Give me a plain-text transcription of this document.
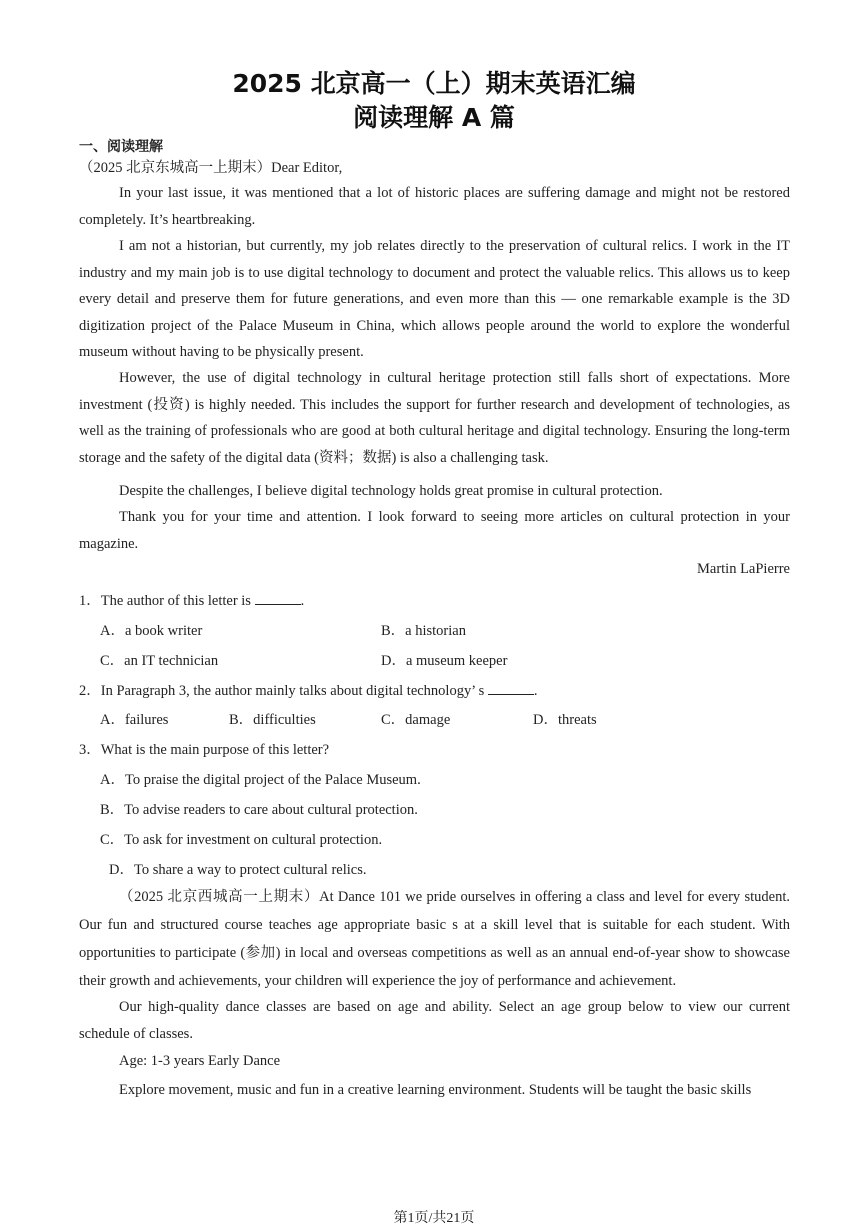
2025 北京高一（上）期末英语汇编
阅读理解 A 篇
一、阅读理解
（2025 北京东城高一上期末）Dear Editor,
In your last issue, it was mentioned that a lot of historic places are suffering damage and might not be restored completely. It’s heartbreaking.
I am not a historian, but currently, my job relates directly to the preservation of cultural relics. I work in the IT industry and my main job is to use digital technology to document and protect the valuable relics. This allows us to keep every detail and preserve them for future generations, and even more than this — one remarkable example is the 3D digitization project of the Palace Museum in China, which allows people around the world to explore the wonderful museum without having to be physically present.
However, the use of digital technology in cultural heritage protection still falls short of expectations. More investment (投资) is highly needed. This includes the support for further research and development of technologies, as well as the training of professionals who are good at both cultural heritage and digital technology. Ensuring the long-term storage and the safety of the digital data (资料；数据) is also a challenging task.
Despite the challenges, I believe digital technology holds great promise in cultural protection.
Thank you for your time and attention. I look forward to seeing more articles on cultural protection in your magazine.
Martin LaPierre
1．The author of this letter is	.
A．a book writer	B．a historian
C．an IT technician	D．a museum keeper
2．In Paragraph 3, the author mainly talks about digital technology’ s	.
A．failures	B．difficulties	C．damage	D．threats
3．What is the main purpose of this letter?
A．To praise the digital project of the Palace Museum.
B．To advise readers to care about cultural protection.
C．To ask for investment on cultural protection.
D．To share a way to protect cultural relics.
（2025 北京西城高一上期末）At Dance 101 we pride ourselves in offering a class and level for every student. Our fun and structured course teaches age appropriate basic s at a skill level that is suitable for each student. With opportunities to participate (参加) in local and overseas competitions as well as an annual end-of-year show to showcase their growth and achievements, your children will experience the joy of performance and achievement.
Our high-quality dance classes are based on age and ability. Select an age group below to view our current schedule of classes.
Age: 1-3 years Early Dance
Explore movement, music and fun in a creative learning environment. Students will be taught the basic skills
第1页/共21页
